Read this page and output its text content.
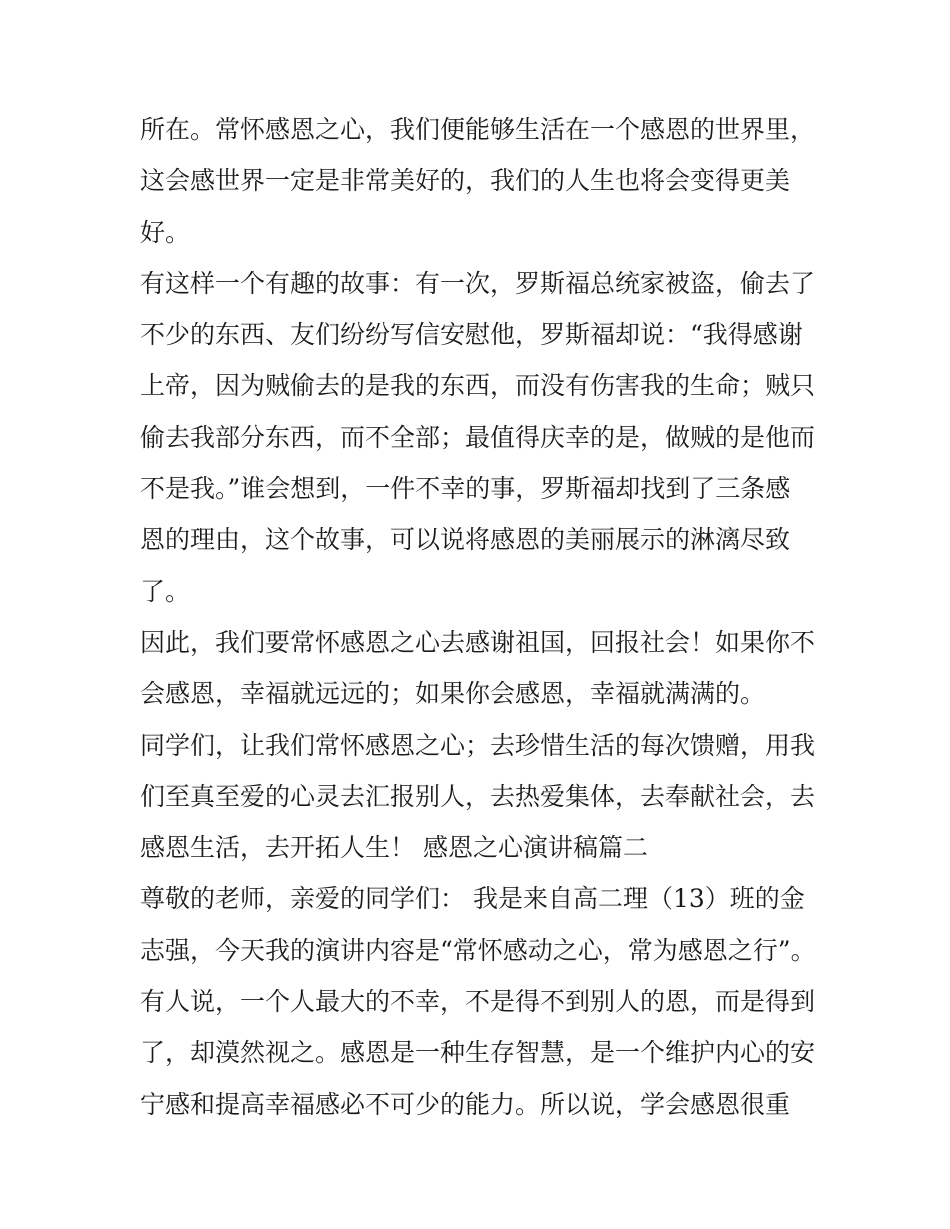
所在。常怀感恩之心，我们便能够生活在一个感恩的世界里，
这会感世界一定是非常美好的，我们的人生也将会变得更美
好。
有这样一个有趣的故事：有一次，罗斯福总统家被盗，偷去了
不少的东西、友们纷纷写信安慰他，罗斯福却说：“我得感谢
上帝，因为贼偷去的是我的东西，而没有伤害我的生命；贼只
偷去我部分东西，而不全部；最值得庆幸的是，做贼的是他而
不是我。”谁会想到，一件不幸的事，罗斯福却找到了三条感
恩的理由，这个故事，可以说将感恩的美丽展示的淋漓尽致
了。
因此，我们要常怀感恩之心去感谢祖国，回报社会！如果你不
会感恩，幸福就远远的；如果你会感恩，幸福就满满的。
同学们，让我们常怀感恩之心；去珍惜生活的每次馈赠，用我
们至真至爱的心灵去汇报别人，去热爱集体，去奉献社会，去
感恩生活，去开拓人生！ 感恩之心演讲稿篇二
尊敬的老师，亲爱的同学们： 我是来自高二理（13）班的金
志强，今天我的演讲内容是“常怀感动之心，常为感恩之行”。
有人说，一个人最大的不幸，不是得不到别人的恩，而是得到
了，却漠然视之。感恩是一种生存智慧，是一个维护内心的安
宁感和提高幸福感必不可少的能力。所以说，学会感恩很重
